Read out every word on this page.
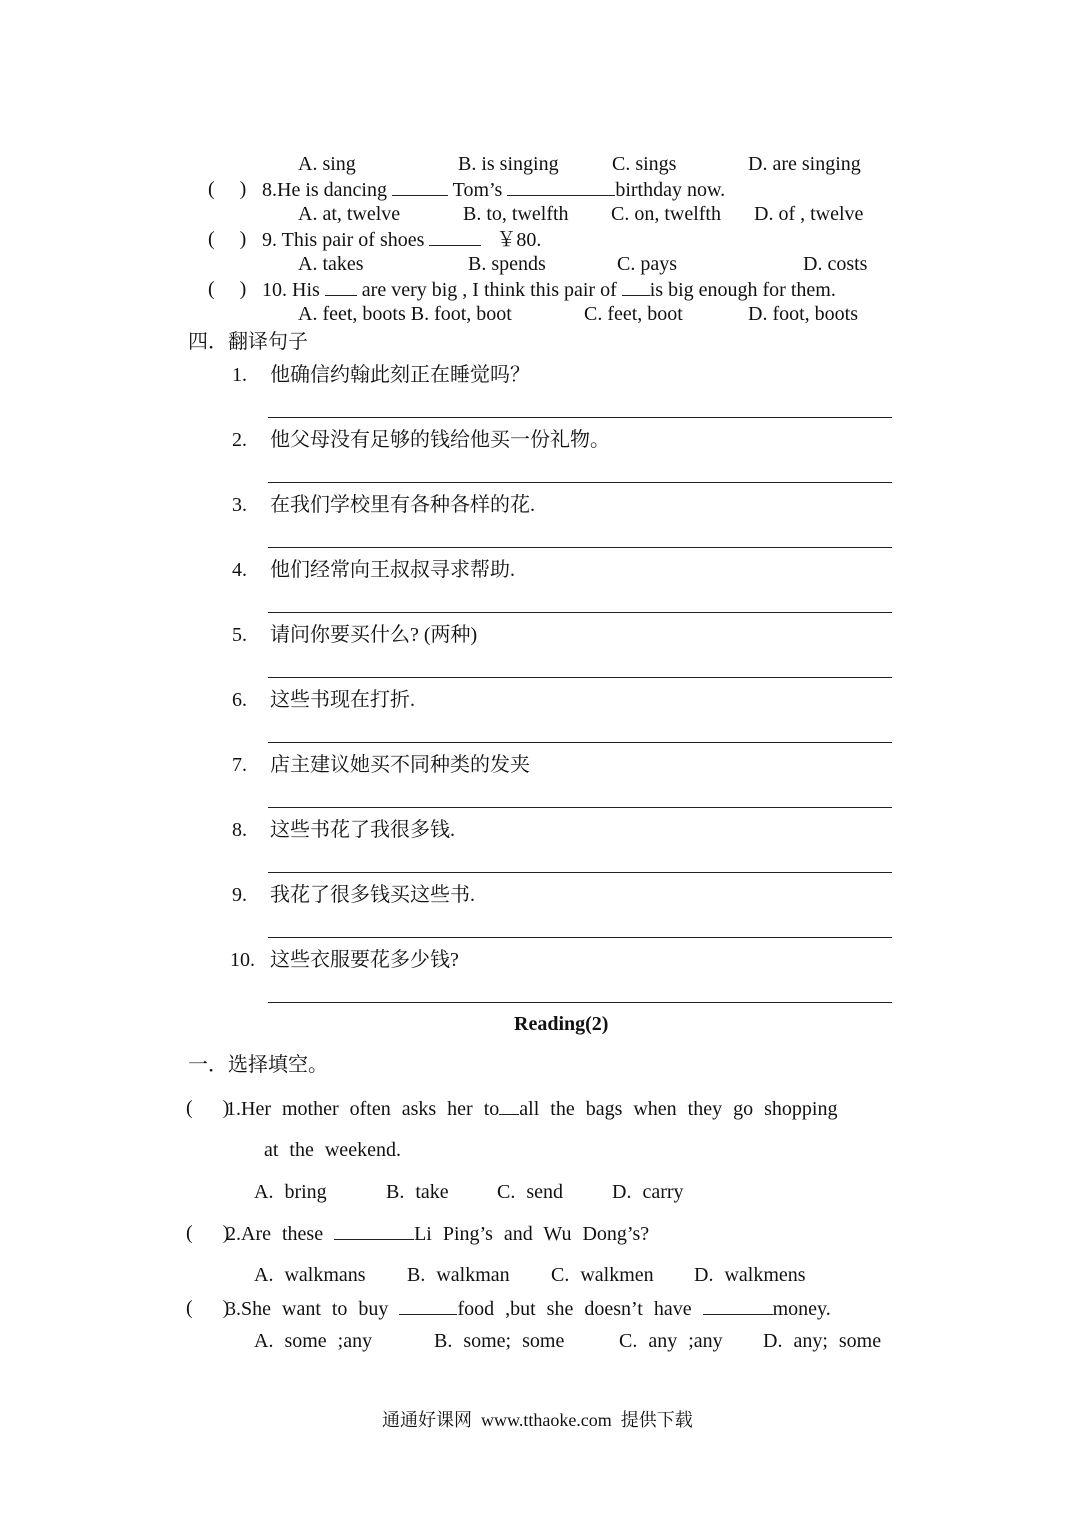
A. sing	B. is singing	C. sings	D. are singing
(     ) 8.He is dancing	Tom’s	birthday now.
A. at, twelve	B. to, twelfth C. on, twelfth D. of , twelve
(     ) 9. This pair of shoes	￥80.
A. takes	B. spends	C. pays	D. costs
(     ) 10. His are very big , I think this pair of is big enough for them.
A. feet, boots B. foot, boot	C. feet, boot	D. foot, boots
四．翻译句子
1. 他确信约翰此刻正在睡觉吗？
2. 他父母没有足够的钱给他买一份礼物。
3. 在我们学校里有各种各样的花.
4. 他们经常向王叔叔寻求帮助.
5. 请问你要买什么? (两种)
6. 这些书现在打折.
7. 店主建议她买不同种类的发夹
8. 这些书花了我很多钱.
9. 我花了很多钱买这些书.
10. 这些衣服要花多少钱?
Reading(2)
一．选择填空。
(      )
1.Her mother often asks her to all the bags when they go shopping
at the weekend.
A. bring	B. take C. send D. carry
(      )
2.Are these	Li Ping’s and Wu Dong’s?
A. walkmans B. walkman C. walkmen D. walkmens
(      )
3.She want to buy	food ,but she doesn’t have	money.
A. some ;any	B. some; some	C. any ;any D. any; some
通通好课网  www.tthaoke.com  提供下载
